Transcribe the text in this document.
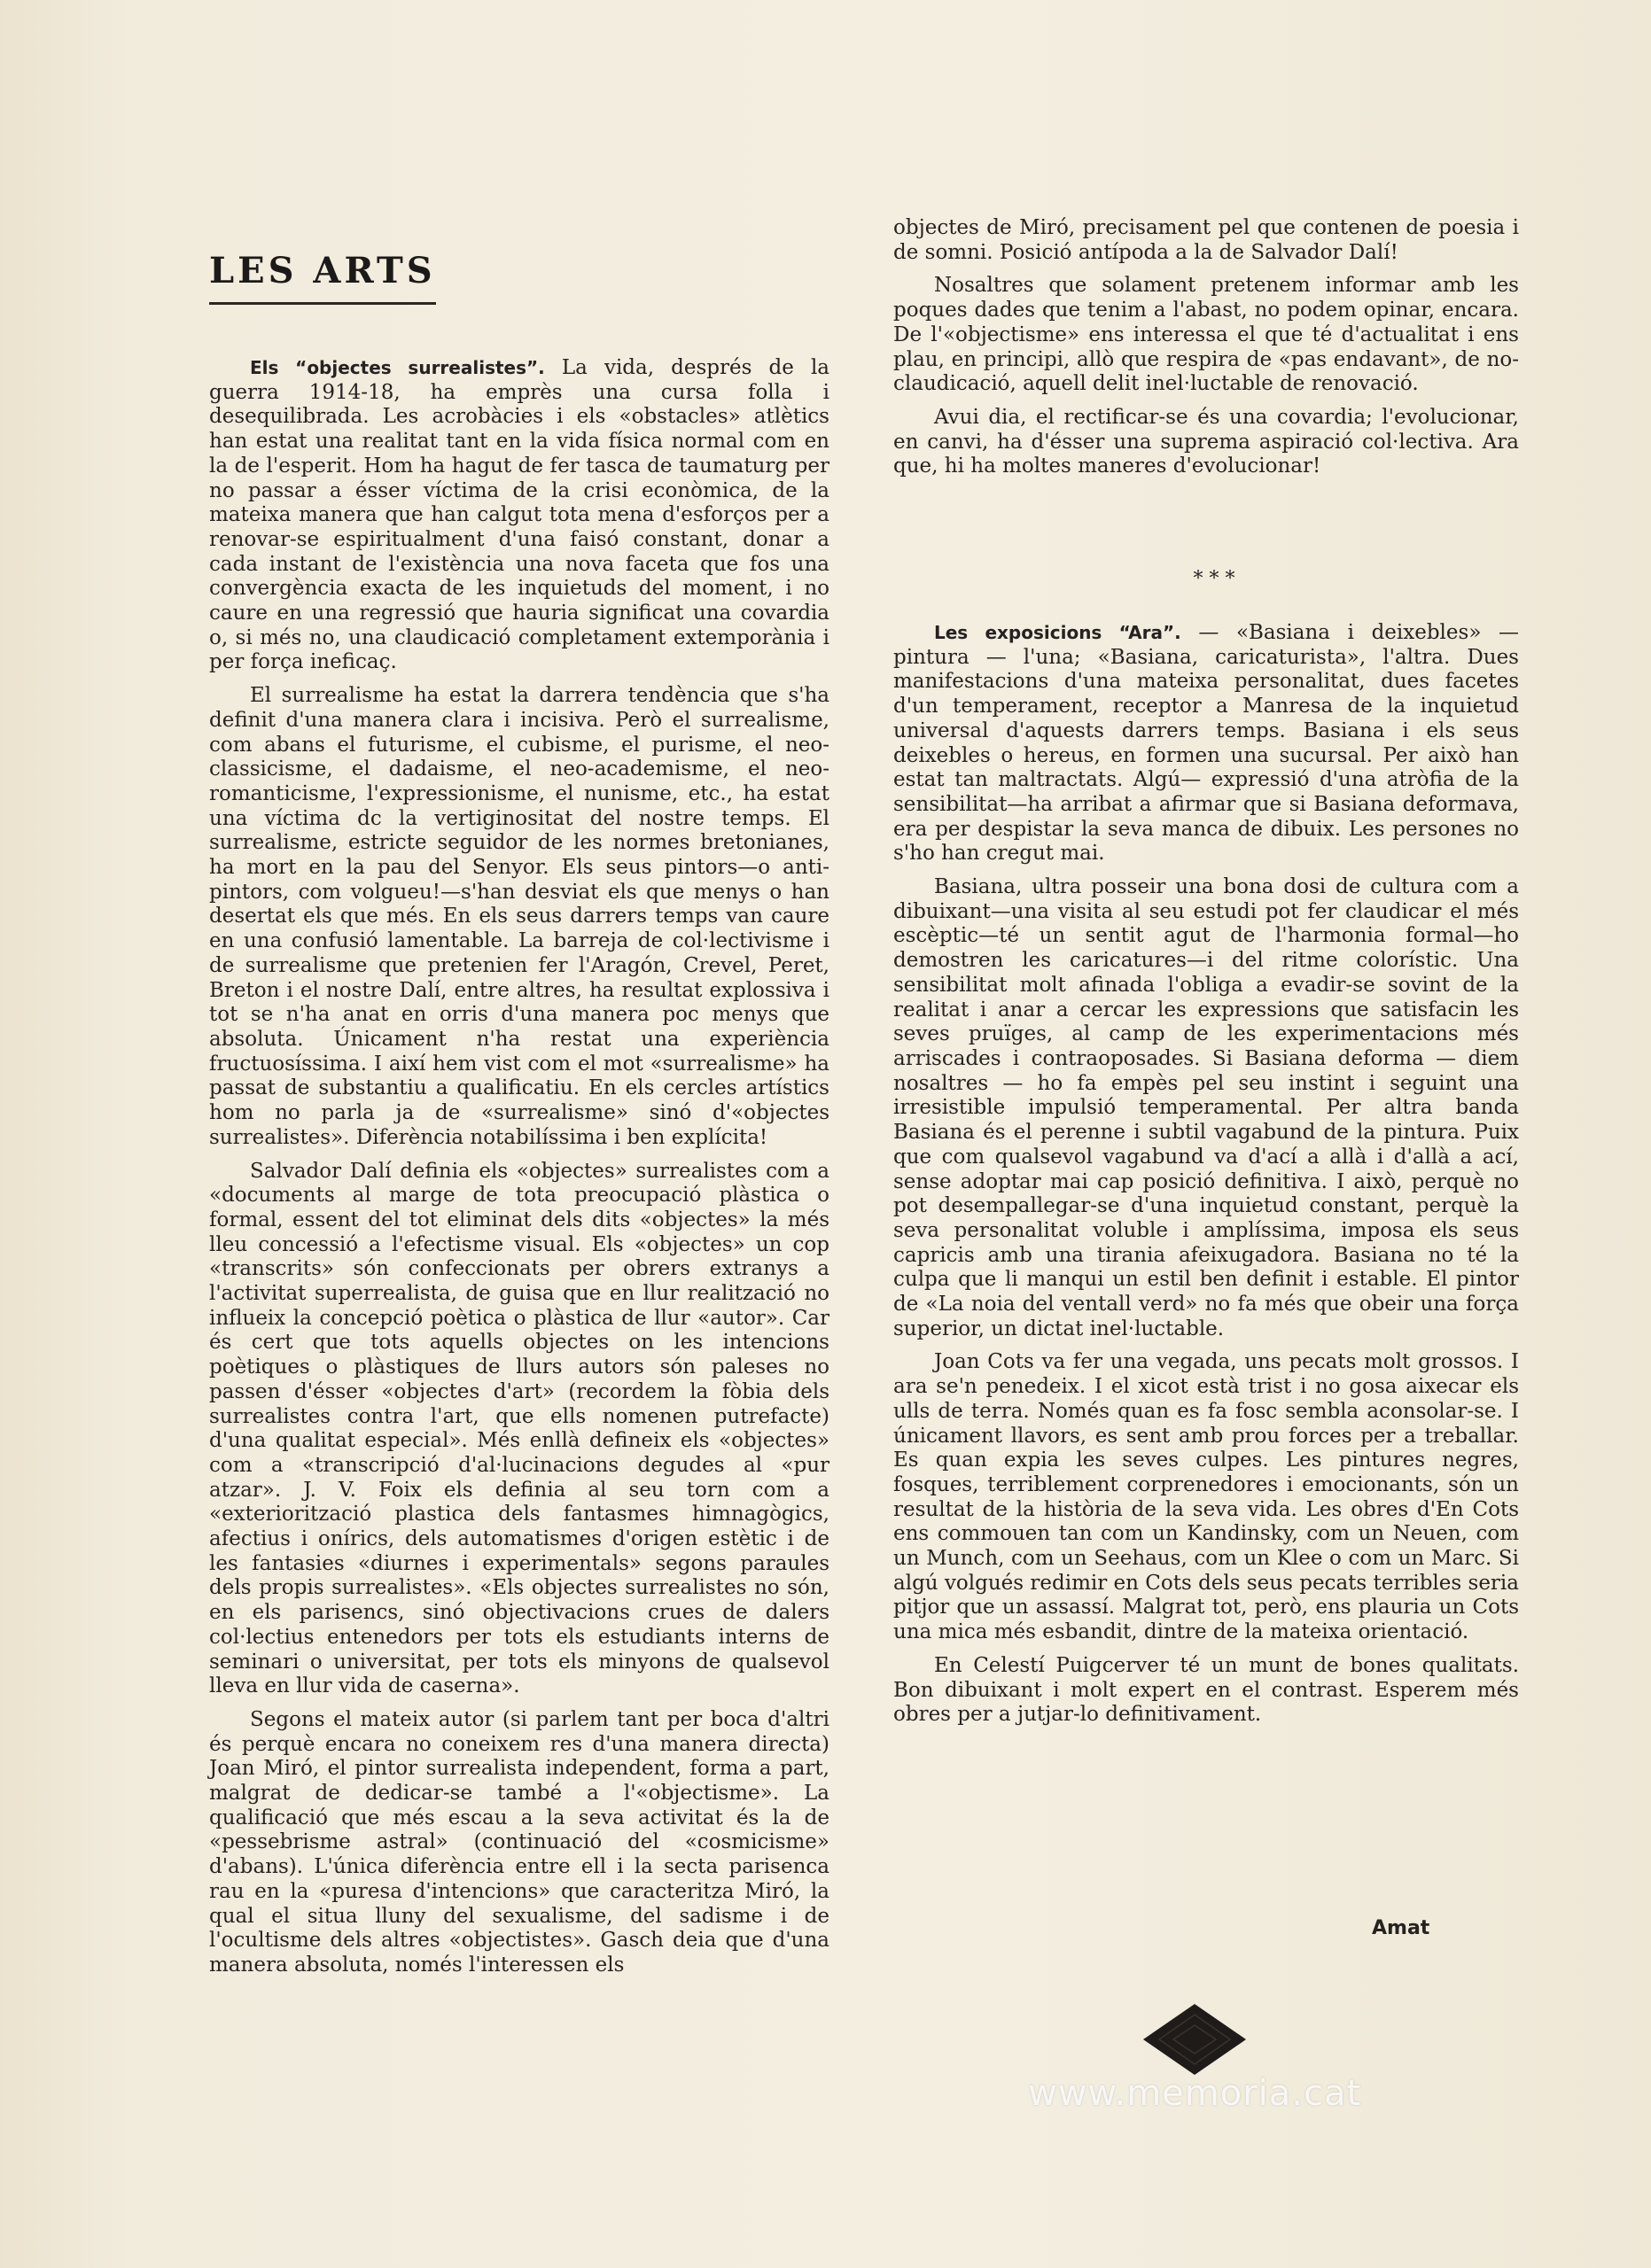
LES ARTS

Els “objectes surrealistes”. La vida, després de la guerra 1914-18, ha emprès una cursa folla i desequilibrada. Les acrobàcies i els «obstacles» atlètics han estat una realitat tant en la vida física normal com en la de l'esperit. Hom ha hagut de fer tasca de taumaturg per no passar a ésser víctima de la crisi econòmica, de la mateixa manera que han calgut tota mena d'esforços per a renovar-se espiritualment d'una faisó constant, donar a cada instant de l'existència una nova faceta que fos una convergència exacta de les inquietuds del moment, i no caure en una regressió que hauria significat una covardia o, si més no, una claudicació completament extemporània i per força ineficaç.

El surrealisme ha estat la darrera tendència que s'ha definit d'una manera clara i incisiva. Però el surrealisme, com abans el futurisme, el cubisme, el purisme, el neo-classicisme, el dadaisme, el neo-academisme, el neo-romanticisme, l'expressionisme, el nunisme, etc., ha estat una víctima dc la vertiginositat del nostre temps. El surrealisme, estricte seguidor de les normes bretonianes, ha mort en la pau del Senyor. Els seus pintors—o anti-pintors, com volgueu!—s'han desviat els que menys o han desertat els que més. En els seus darrers temps van caure en una confusió lamentable. La barreja de col·lectivisme i de surrealisme que pretenien fer l'Aragón, Crevel, Peret, Breton i el nostre Dalí, entre altres, ha resultat explossiva i tot se n'ha anat en orris d'una manera poc menys que absoluta. Únicament n'ha restat una experiència fructuosíssima. I així hem vist com el mot «surrealisme» ha passat de substantiu a qualificatiu. En els cercles artístics hom no parla ja de «surrealisme» sinó d'«objectes surrealistes». Diferència notabilíssima i ben explícita!

Salvador Dalí definia els «objectes» surrealistes com a «documents al marge de tota preocupació plàstica o formal, essent del tot eliminat dels dits «objectes» la més lleu concessió a l'efectisme visual. Els «objectes» un cop «transcrits» són confeccionats per obrers extranys a l'activitat superrealista, de guisa que en llur realització no influeix la concepció poètica o plàstica de llur «autor». Car és cert que tots aquells objectes on les intencions poètiques o plàstiques de llurs autors són paleses no passen d'ésser «objectes d'art» (recordem la fòbia dels surrealistes contra l'art, que ells nomenen putrefacte) d'una qualitat especial». Més enllà defineix els «objectes» com a «transcripció d'al·lucinacions degudes al «pur atzar». J. V. Foix els definia al seu torn com a «exteriorització plastica dels fantasmes himnagògics, afectius i onírics, dels automatismes d'origen estètic i de les fantasies «diurnes i experimentals» segons paraules dels propis surrealistes». «Els objectes surrealistes no són, en els parisencs, sinó objectivacions crues de dalers col·lectius entenedors per tots els estudiants interns de seminari o universitat, per tots els minyons de qualsevol lleva en llur vida de caserna».

Segons el mateix autor (si parlem tant per boca d'altri és perquè encara no coneixem res d'una manera directa) Joan Miró, el pintor surrealista independent, forma a part, malgrat de dedicar-se també a l'«objectisme». La qualificació que més escau a la seva activitat és la de «pessebrisme astral» (continuació del «cosmicisme» d'abans). L'única diferència entre ell i la secta parisenca rau en la «puresa d'intencions» que caracteritza Miró, la qual el situa lluny del sexualisme, del sadisme i de l'ocultisme dels altres «objectistes». Gasch deia que d'una manera absoluta, només l'interessen els

objectes de Miró, precisament pel que contenen de poesia i de somni. Posició antípoda a la de Salvador Dalí!

Nosaltres que solament pretenem informar amb les poques dades que tenim a l'abast, no podem opinar, encara. De l'«objectisme» ens interessa el que té d'actualitat i ens plau, en principi, allò que respira de «pas endavant», de no-claudicació, aquell delit inel·luctable de renovació.

Avui dia, el rectificar-se és una covardia; l'evolucionar, en canvi, ha d'ésser una suprema aspiració col·lectiva. Ara que, hi ha moltes maneres d'evolucionar!

Les exposicions “Ara”. — «Basiana i deixebles» — pintura — l'una; «Basiana, caricaturista», l'altra. Dues manifestacions d'una mateixa personalitat, dues facetes d'un temperament, receptor a Manresa de la inquietud universal d'aquests darrers temps. Basiana i els seus deixebles o hereus, en formen una sucursal. Per això han estat tan maltractats. Algú— expressió d'una atròfia de la sensibilitat—ha arribat a afirmar que si Basiana deformava, era per despistar la seva manca de dibuix. Les persones no s'ho han cregut mai.

Basiana, ultra posseir una bona dosi de cultura com a dibuixant—una visita al seu estudi pot fer claudicar el més escèptic—té un sentit agut de l'harmonia formal—ho demostren les caricatures—i del ritme colorístic. Una sensibilitat molt afinada l'obliga a evadir-se sovint de la realitat i anar a cercar les expressions que satisfacin les seves pruïges, al camp de les experimentacions més arriscades i contraoposades. Si Basiana deforma — diem nosaltres — ho fa empès pel seu instint i seguint una irresistible impulsió temperamental. Per altra banda Basiana és el perenne i subtil vagabund de la pintura. Puix que com qualsevol vagabund va d'ací a allà i d'allà a ací, sense adoptar mai cap posició definitiva. I això, perquè no pot desempallegar-se d'una inquietud constant, perquè la seva personalitat voluble i amplíssima, imposa els seus capricis amb una tirania afeixugadora. Basiana no té la culpa que li manqui un estil ben definit i estable. El pintor de «La noia del ventall verd» no fa més que obeir una força superior, un dictat inel·luctable.

Joan Cots va fer una vegada, uns pecats molt grossos. I ara se'n penedeix. I el xicot està trist i no gosa aixecar els ulls de terra. Només quan es fa fosc sembla aconsolar-se. I únicament llavors, es sent amb prou forces per a treballar. Es quan expia les seves culpes. Les pintures negres, fosques, terriblement corprenedores i emocionants, són un resultat de la història de la seva vida. Les obres d'En Cots ens commouen tan com un Kandinsky, com un Neuen, com un Munch, com un Seehaus, com un Klee o com un Marc. Si algú volgués redimir en Cots dels seus pecats terribles seria pitjor que un assassí. Malgrat tot, però, ens plauria un Cots una mica més esbandit, dintre de la mateixa orientació.

En Celestí Puigcerver té un munt de bones qualitats. Bon dibuixant i molt expert en el contrast. Esperem més obres per a jutjar-lo definitivament.

* * *
Amat
www.memoria.cat
